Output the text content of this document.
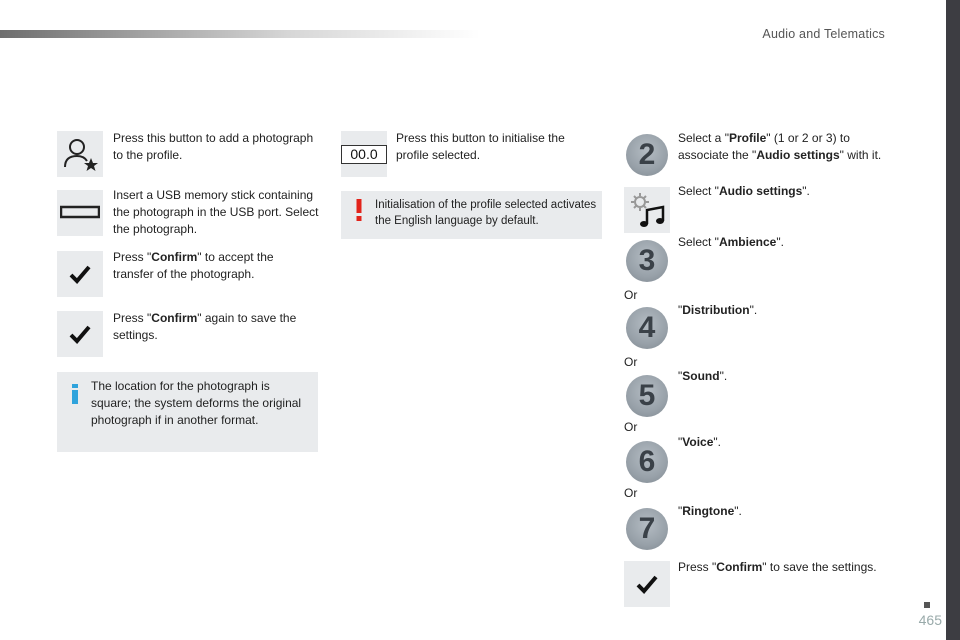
Audio and Telematics
Press this button to add a photograph to the profile.
Insert a USB memory stick containing the photograph in the USB port. Select the photograph.
Press "Confirm" to accept the transfer of the photograph.
Press "Confirm" again to save the settings.
The location for the photograph is square; the system deforms the original photograph if in another format.
00.0
Press this button to initialise the profile selected.
Initialisation of the profile selected activates the English language by default.
2	Select a "Profile" (1 or 2 or 3) to associate the "Audio settings" with it.
Select "Audio settings".
3
Select "Ambience".
Or
4
"Distribution".
Or
5
"Sound".
Or
6
"Voice".
Or
7
"Ringtone".
Press "Confirm" to save the settings.
465
